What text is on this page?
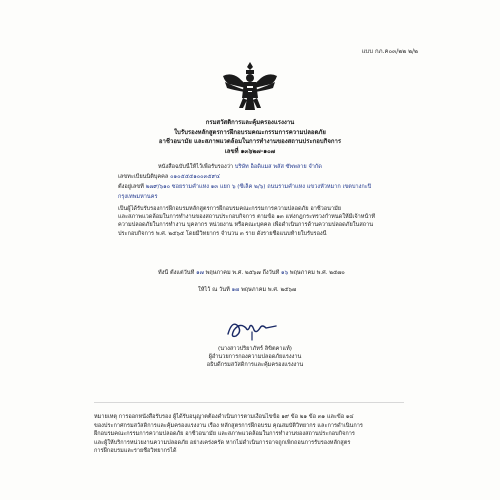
แบบ กภ.ค๐๓/๒๒ ๒/๒
กรมสวัสดิการและคุ้มครองแรงงาน
ใบรับรองหลักสูตรการฝึกอบรมคณะกรรมการความปลอดภัย
อาชีวอนามัย และสภาพแวดล้อมในการทำงานของสถานประกอบกิจการ
เลขที่ ๑๓๖๒๗-๑๐๗
หนังสือฉบับนี้ให้ไว้เพื่อรับรองว่า บริษัท อ็อดิแมส พลัส ซัพพลาย จำกัด
เลขทะเบียนนิติบุคคล ๐๑๐๕๕๕๑๐๐๓๕๙๔
ตั้งอยู่เลขที่ ๒๗๙/๖๑๐ ซอยรามคำแหง ๑๓ แยก ๖ (ซีเล็ค ๒/๖) ถนนรามคำแหง แขวงหัวหมาก เขตบางกะปิ
กรุงเทพมหานคร
เป็นผู้ได้รับรับรองการฝึกอบรมหลักสูตรการฝึกอบรมคณะกรรมการความปลอดภัย อาชีวอนามัย
และสภาพแวดล้อมในการทำงานของสถานประกอบกิจการ ตามข้อ ๑๓ แห่งกฎกระทรวงกำหนดให้มีเจ้าหน้าที่
ความปลอดภัยในการทำงาน บุคลากร หน่วยงาน หรือคณะบุคคล เพื่อดำเนินการด้านความปลอดภัยในสถาน
ประกอบกิจการ พ.ศ. ๒๕๖๕ โดยมีวิทยากร จำนวน ๓ ราย ดังรายชื่อแนบท้ายใบรับรองนี้
ทั้งนี้ ตั้งแต่วันที่ ๑๗ พฤษภาคม พ.ศ. ๒๕๖๗ ถึงวันที่ ๑๖ พฤษภาคม พ.ศ. ๒๕๗๐
ให้ไว้ ณ วันที่ ๑๗ พฤษภาคม พ.ศ. ๒๕๖๗
(นางสาวปริยาภัทร์ ลิขิตคาแท์)
ผู้อำนวยการกองความปลอดภัยแรงงาน
อธิบดีกรมสวัสดิการและคุ้มครองแรงงาน
หมายเหตุ การออกหนังสือรับรอง ผู้ได้รับอนุญาตต้องดำเนินการตามเงื่อนไขข้อ ๑๙ ข้อ ๒๑ ข้อ ๓๑ และข้อ ๑๔
ของประกาศกรมสวัสดิการและคุ้มครองแรงงาน เรื่อง หลักสูตรการฝึกอบรม คุณสมบัติวิทยากร และการดำเนินการ
ฝึกอบรมคณะกรรมการความปลอดภัย อาชีวอนามัย และสภาพแวดล้อมในการทำงานของสถานประกอบกิจการ
และผู้ให้บริการหน่วยงานความปลอดภัย อย่างเคร่งครัด หากไม่ดำเนินการอาจถูกเพิกถอนการรับรองหลักสูตร
การฝึกอบรมและรายชื่อวิทยากรได้
